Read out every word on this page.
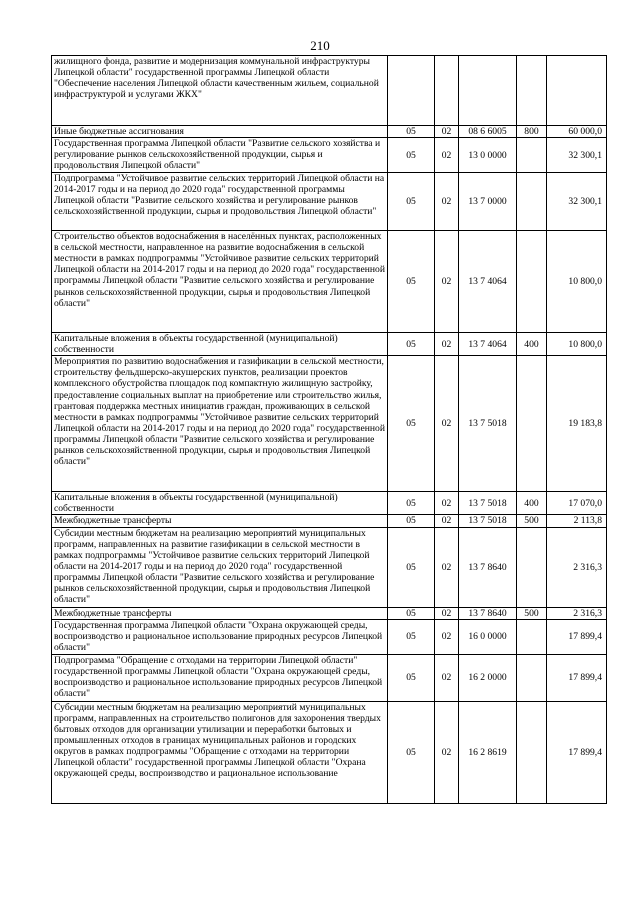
210
жилищного фонда, развитие и модернизация коммунальной инфраструктуры Липецкой области" государственной программы Липецкой области "Обеспечение населения Липецкой области качественным жильем, социальной инфраструктурой и услугами ЖКХ"					
Иные бюджетные ассигнования	05	02	08 6 6005	800	60 000,0
Государственная программа Липецкой области "Развитие сельского хозяйства и регулирование рынков сельскохозяйственной продукции, сырья и продовольствия Липецкой области"	05	02	13 0 0000		32 300,1
Подпрограмма "Устойчивое развитие сельских территорий Липецкой области на 2014-2017 годы и на период до 2020 года" государственной программы Липецкой области "Развитие сельского хозяйства и регулирование рынков сельскохозяйственной продукции, сырья и продовольствия Липецкой области"	05	02	13 7 0000		32 300,1
Строительство объектов водоснабжения в населённых пунктах, расположенных в сельской местности, направленное на развитие водоснабжения в сельской местности в рамках подпрограммы "Устойчивое развитие сельских территорий Липецкой области на 2014-2017 годы и на период до 2020 года" государственной программы Липецкой области "Развитие сельского хозяйства и регулирование рынков сельскохозяйственной продукции, сырья и продовольствия Липецкой области"	05	02	13 7 4064		10 800,0
Капитальные вложения в объекты государственной (муниципальной) собственности	05	02	13 7 4064	400	10 800,0
Мероприятия по развитию водоснабжения и газификации в сельской местности, строительству фельдшерско-акушерских пунктов, реализации проектов комплексного обустройства площадок под компактную жилищную застройку, предоставление социальных выплат на приобретение или строительство жилья, грантовая поддержка местных инициатив граждан, проживающих в сельской местности в рамках подпрограммы "Устойчивое развитие сельских территорий Липецкой области на 2014-2017 годы и на период до 2020 года" государственной программы Липецкой области "Развитие сельского хозяйства и регулирование рынков сельскохозяйственной продукции, сырья и продовольствия Липецкой области"	05	02	13 7 5018		19 183,8
Капитальные вложения в объекты государственной (муниципальной) собственности	05	02	13 7 5018	400	17 070,0
Межбюджетные трансферты	05	02	13 7 5018	500	2 113,8
Субсидии местным бюджетам на реализацию мероприятий муниципальных программ, направленных на развитие газификации в сельской местности в рамках подпрограммы "Устойчивое развитие сельских территорий Липецкой области на 2014-2017 годы и на период до 2020 года" государственной программы Липецкой области "Развитие сельского хозяйства и регулирование рынков сельскохозяйственной продукции, сырья и продовольствия Липецкой области"	05	02	13 7 8640		2 316,3
Межбюджетные трансферты	05	02	13 7 8640	500	2 316,3
Государственная программа Липецкой области "Охрана окружающей среды, воспроизводство и рациональное использование природных ресурсов Липецкой области"	05	02	16 0 0000		17 899,4
Подпрограмма "Обращение с отходами на территории Липецкой области" государственной программы Липецкой области "Охрана окружающей среды, воспроизводство и рациональное использование природных ресурсов Липецкой области"	05	02	16 2 0000		17 899,4
Субсидии местным бюджетам на реализацию мероприятий муниципальных программ, направленных на строительство полигонов для захоронения твердых бытовых отходов для организации утилизации и переработки бытовых и промышленных отходов в границах муниципальных районов и городских округов в рамках подпрограммы "Обращение с отходами на территории Липецкой области" государственной программы Липецкой области "Охрана окружающей среды, воспроизводство и рациональное использование	05	02	16 2 8619		17 899,4
